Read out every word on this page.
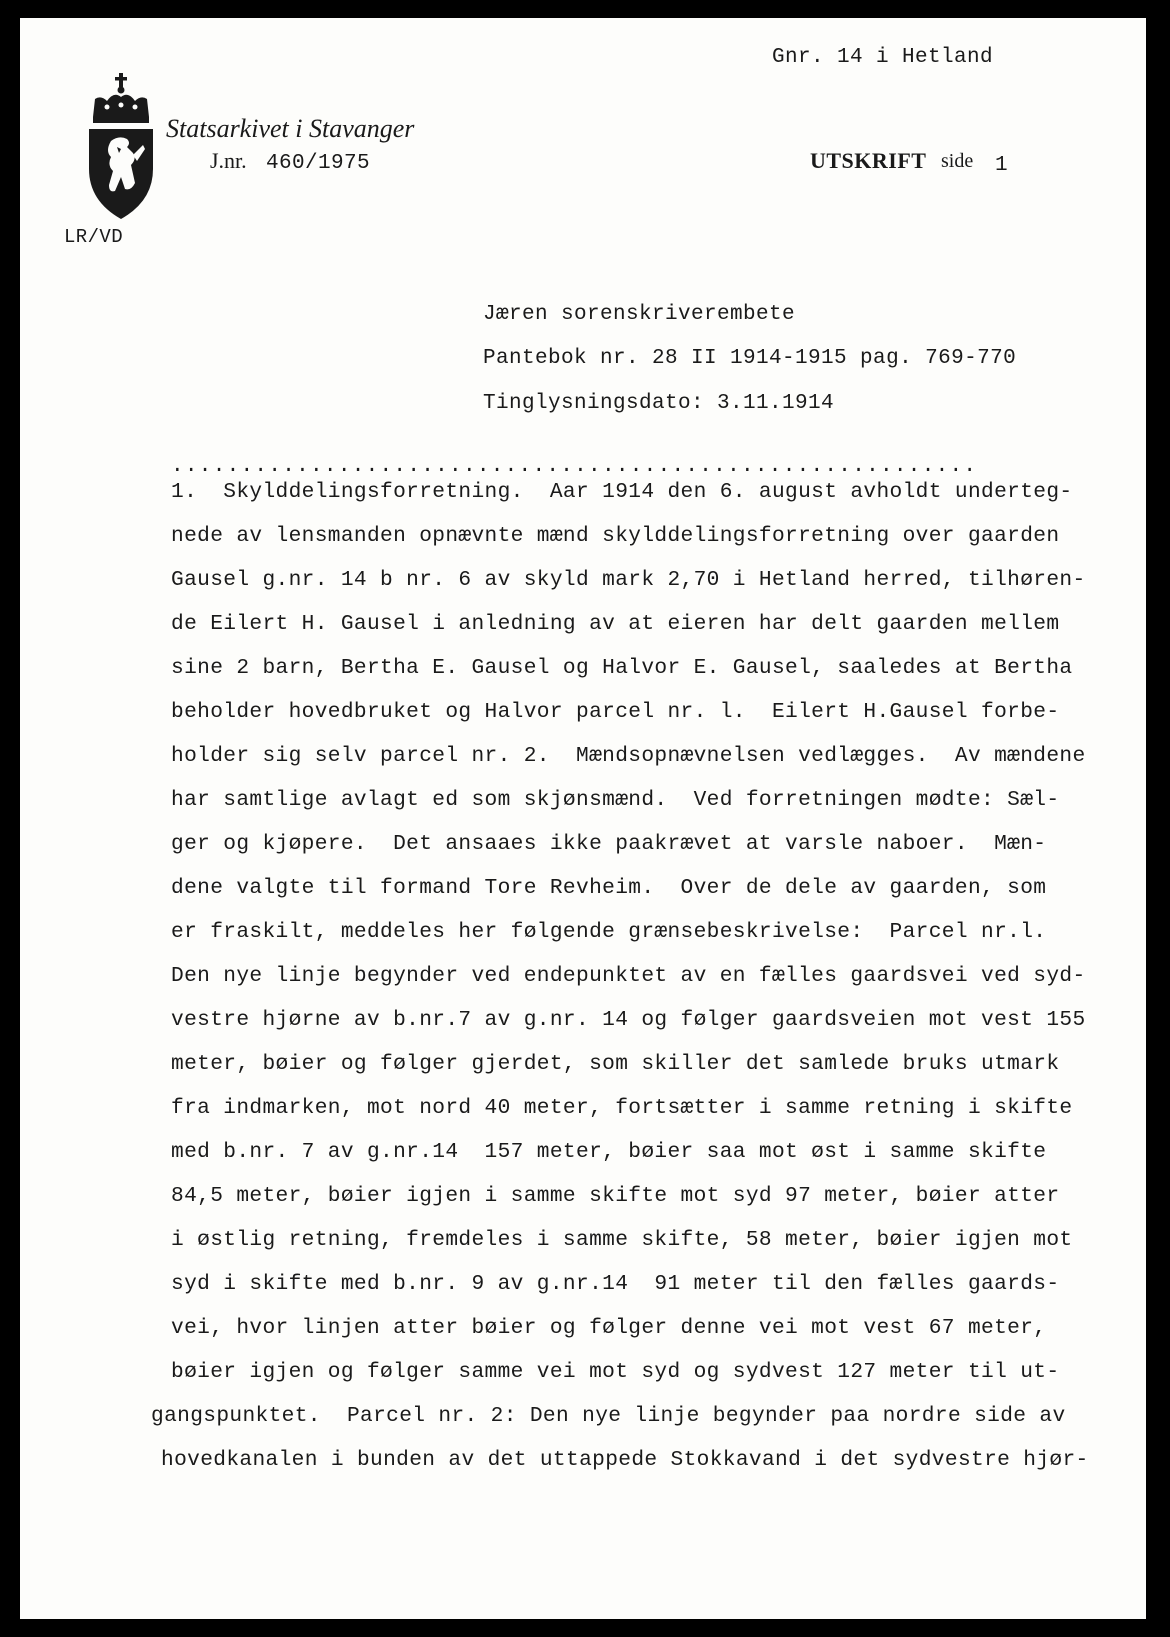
Gnr. 14 i Hetland
Statsarkivet i Stavanger
J.nr. 460/1975	UTSKRIFT side 1
LR/VD
Jæren sorenskriverembete
Pantebok nr. 28 II 1914-1915 pag. 769-770
Tinglysningsdato: 3.11.1914
..........................................................
1.  Skylddelingsforretning.  Aar 1914 den 6. august avholdt underteg-
nede av lensmanden opnævnte mænd skylddelingsforretning over gaarden
Gausel g.nr. 14 b nr. 6 av skyld mark 2,70 i Hetland herred, tilhøren-
de Eilert H. Gausel i anledning av at eieren har delt gaarden mellem
sine 2 barn, Bertha E. Gausel og Halvor E. Gausel, saaledes at Bertha
beholder hovedbruket og Halvor parcel nr. l.  Eilert H.Gausel forbe-
holder sig selv parcel nr. 2.  Mændsopnævnelsen vedlægges.  Av mændene
har samtlige avlagt ed som skjønsmænd.  Ved forretningen mødte: Sæl-
ger og kjøpere.  Det ansaaes ikke paakrævet at varsle naboer.  Mæn-
dene valgte til formand Tore Revheim.  Over de dele av gaarden, som
er fraskilt, meddeles her følgende grænsebeskrivelse:  Parcel nr.l.
Den nye linje begynder ved endepunktet av en fælles gaardsvei ved syd-
vestre hjørne av b.nr.7 av g.nr. 14 og følger gaardsveien mot vest 155
meter, bøier og følger gjerdet, som skiller det samlede bruks utmark
fra indmarken, mot nord 40 meter, fortsætter i samme retning i skifte
med b.nr. 7 av g.nr.14  157 meter, bøier saa mot øst i samme skifte
84,5 meter, bøier igjen i samme skifte mot syd 97 meter, bøier atter
i østlig retning, fremdeles i samme skifte, 58 meter, bøier igjen mot
syd i skifte med b.nr. 9 av g.nr.14  91 meter til den fælles gaards-
vei, hvor linjen atter bøier og følger denne vei mot vest 67 meter,
bøier igjen og følger samme vei mot syd og sydvest 127 meter til ut-
gangspunktet.  Parcel nr. 2: Den nye linje begynder paa nordre side av
hovedkanalen i bunden av det uttappede Stokkavand i det sydvestre hjør-
